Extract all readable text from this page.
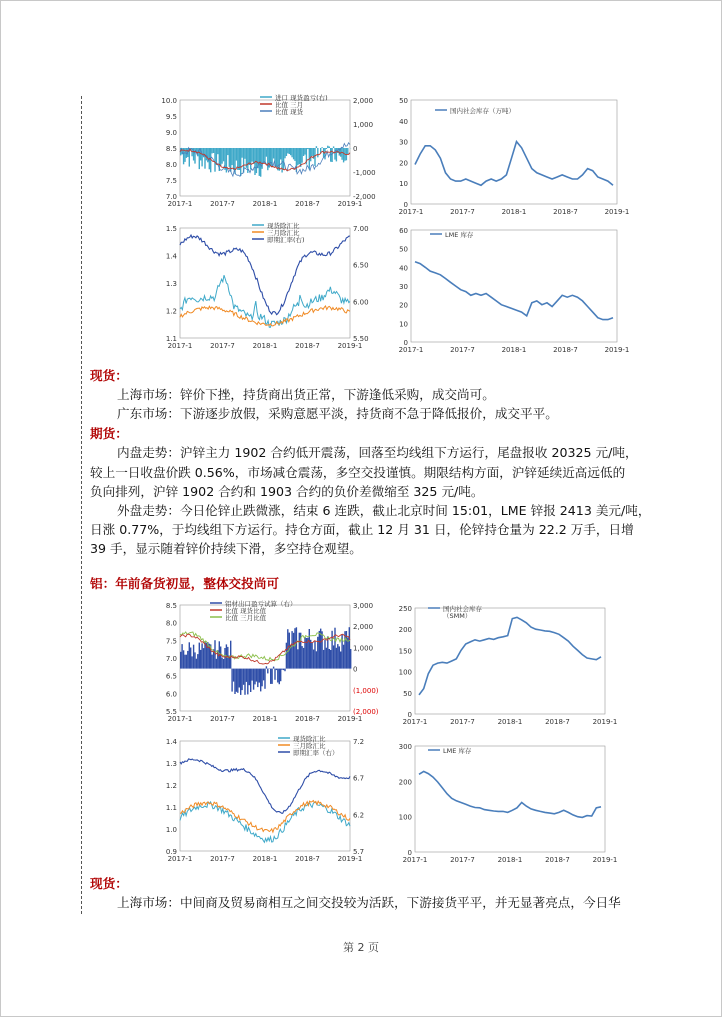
10.0
9.5
9.0
8.5
8.0
7.5
7.0
2,000
1,000
0
-1,000
-2,000
2017-1	2017-7	2018-1	2018-7	2019-1
进口 现货盈亏(右)
比值 三月
比值 现货
50
40
30
20
10
0
2017-1	2017-7	2018-1	2018-7	2019-1
国内社会库存（万吨）
1.5
1.4
1.3
1.2
1.1
7.00
6.50
6.00
5.50
2017-1	2017-7	2018-1	2018-7	2019-1
现货除汇比
三月除汇比
即期汇率(右)
60
50
40
30
20
10
0
2017-1	2017-7	2018-1	2018-7	2019-1
LME 库存
现货：
上海市场：锌价下挫，持货商出货正常，下游逢低采购，成交尚可。
广东市场：下游逐步放假，采购意愿平淡，持货商不急于降低报价，成交平平。
期货：
内盘走势：沪锌主力 1902 合约低开震荡，回落至均线组下方运行，尾盘报收 20325 元/吨，
较上一日收盘价跌 0.56%，市场减仓震荡，多空交投谨慎。期限结构方面，沪锌延续近高远低的
负向排列，沪锌 1902 合约和 1903 合约的负价差微缩至 325 元/吨。
外盘走势：今日伦锌止跌微涨，结束 6 连跌，截止北京时间 15:01，LME 锌报 2413 美元/吨，
日涨 0.77%，于均线组下方运行。持仓方面，截止 12 月 31 日，伦锌持仓量为 22.2 万手，日增
39 手，显示随着锌价持续下滑，多空持仓观望。
铝：年前备货初显，整体交投尚可
8.5
8.0
7.5
7.0
6.5
6.0
5.5
3,000
2,000
1,000
0
(1,000)
(2,000)
2017-1	2017-7	2018-1	2018-7	2019-1
铝材出口盈亏试算（右）
比值 现货比值
比值 三月比值
250
200
150
100
50
0
2017-1	2017-7	2018-1	2018-7	2019-1
国内社会库存
（SMM）
1.4
1.3
1.2
1.1
1.0
0.9
7.2
6.7
6.2
5.7
2017-1	2017-7	2018-1	2018-7	2019-1
现货除汇比
三月除汇比
即期汇率（右）
300
200
100
0
2017-1	2017-7	2018-1	2018-7	2019-1
LME 库存
现货：
上海市场：中间商及贸易商相互之间交投较为活跃，下游接货平平，并无显著亮点，今日华
第 2 页
